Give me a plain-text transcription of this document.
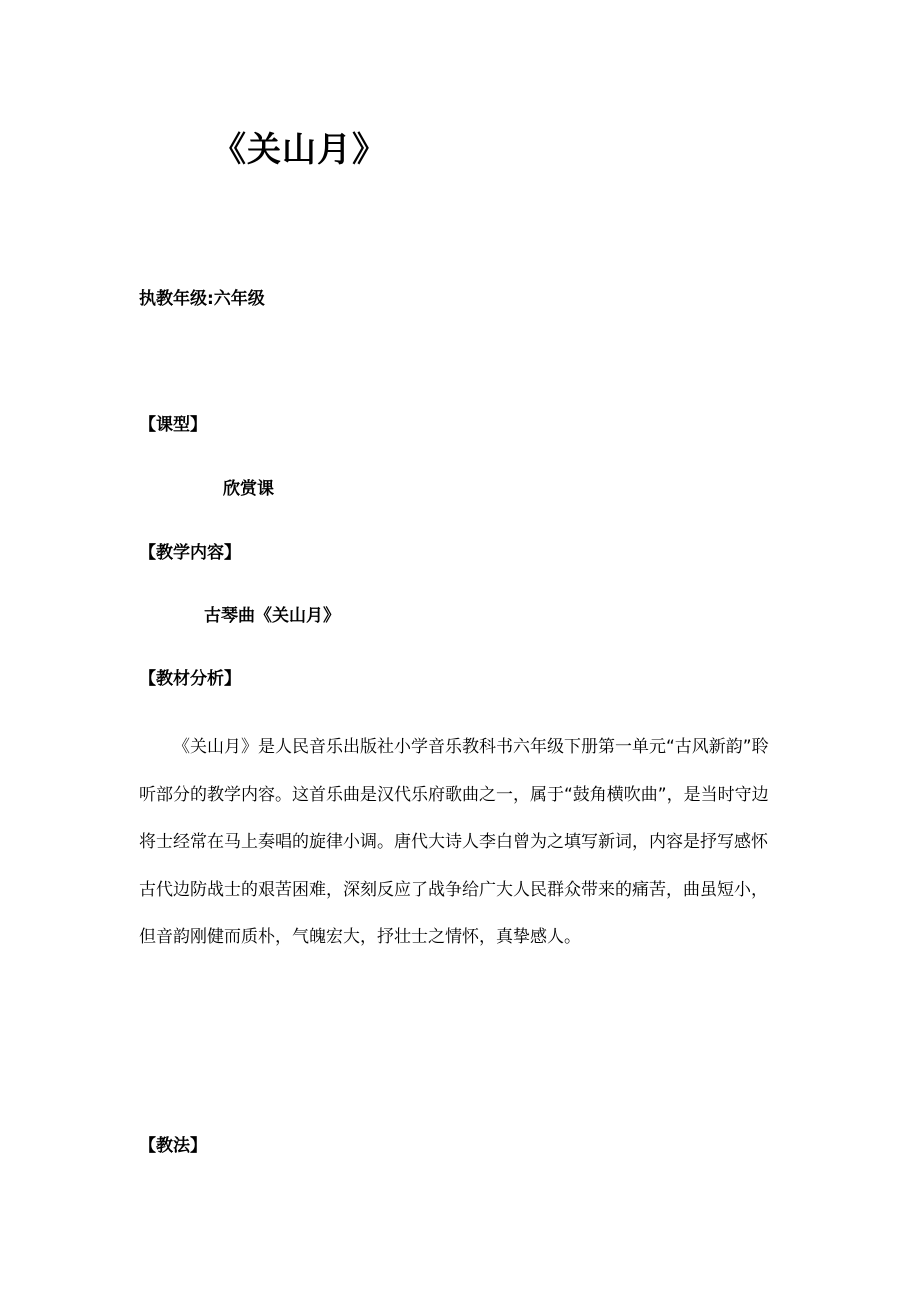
《关山月》
执教年级:六年级
【课型】
欣赏课
【教学内容】
古琴曲《关山月》
【教材分析】

《关山月》是人民音乐出版社小学音乐教科书六年级下册第一单元“古风新韵”聆听部分的教学内容。这首乐曲是汉代乐府歌曲之一，属于“鼓角横吹曲”，是当时守边将士经常在马上奏唱的旋律小调。唐代大诗人李白曾为之填写新词，内容是抒写感怀古代边防战士的艰苦困难，深刻反应了战争给广大人民群众带来的痛苦，曲虽短小，但音韵刚健而质朴，气魄宏大，抒壮士之情怀，真挚感人。

【教法】
